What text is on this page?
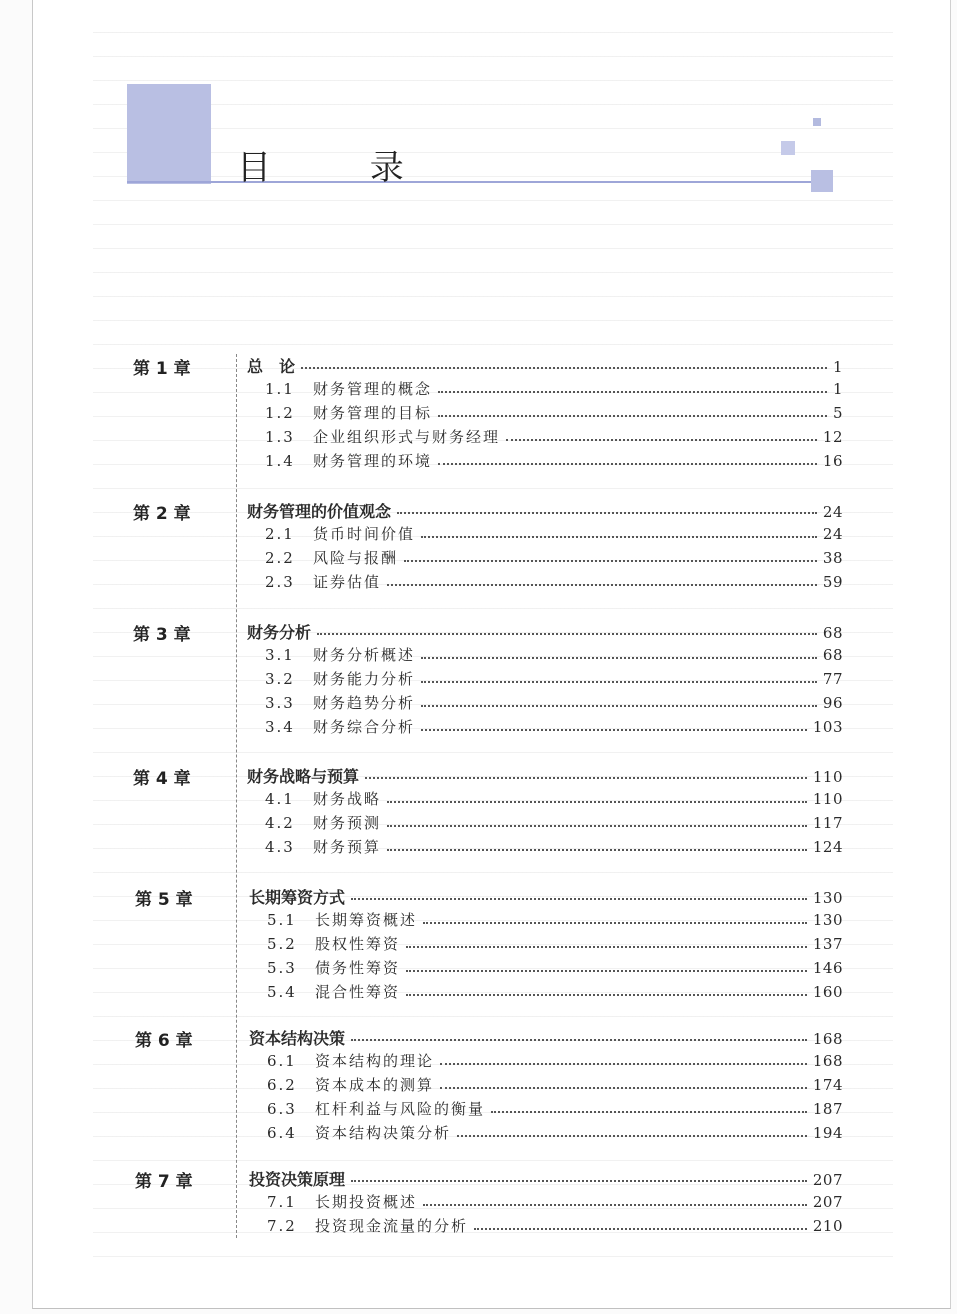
目 录
第 1 章	总　论	1
1.1	财务管理的概念	1
1.2	财务管理的目标	5
1.3	企业组织形式与财务经理	12
1.4	财务管理的环境	16
第 2 章	财务管理的价值观念	24
2.1	货币时间价值	24
2.2	风险与报酬	38
2.3	证券估值	59
第 3 章	财务分析	68
3.1	财务分析概述	68
3.2	财务能力分析	77
3.3	财务趋势分析	96
3.4	财务综合分析	103
第 4 章	财务战略与预算	110
4.1	财务战略	110
4.2	财务预测	117
4.3	财务预算	124
第 5 章	长期筹资方式	130
5.1	长期筹资概述	130
5.2	股权性筹资	137
5.3	债务性筹资	146
5.4	混合性筹资	160
第 6 章	资本结构决策	168
6.1	资本结构的理论	168
6.2	资本成本的测算	174
6.3	杠杆利益与风险的衡量	187
6.4	资本结构决策分析	194
第 7 章	投资决策原理	207
7.1	长期投资概述	207
7.2	投资现金流量的分析	210
